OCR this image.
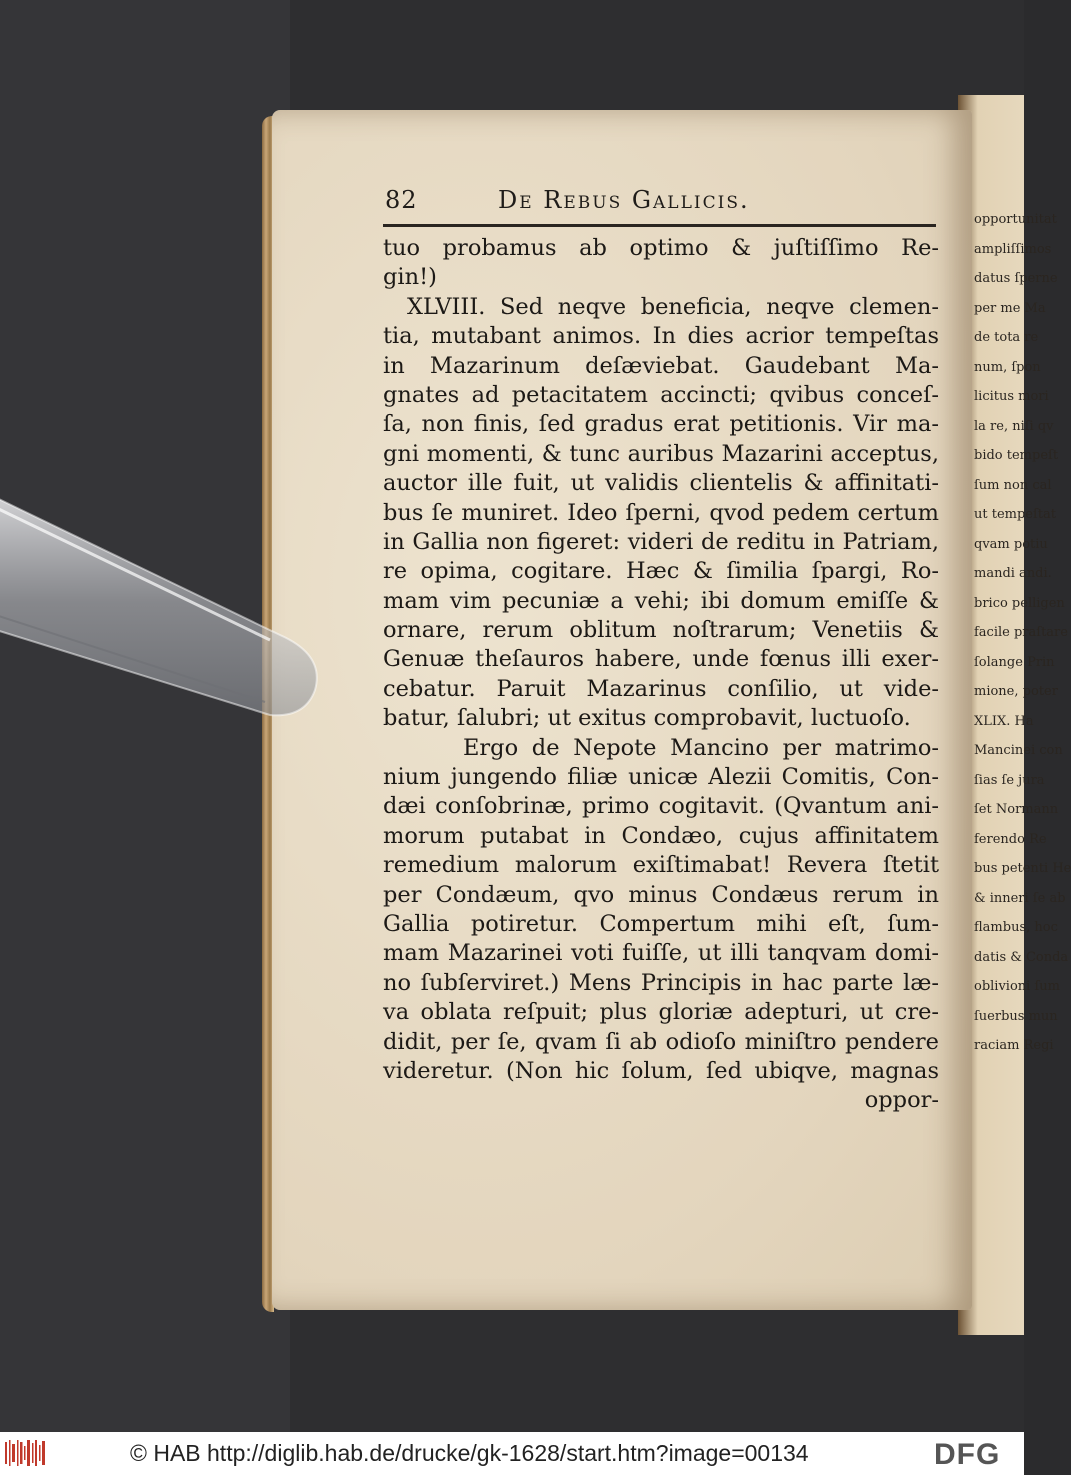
opportunitat
ampliſſimos
datus ſperne
per me Ma
de tota re
num, ſpon
licitus mori
la re, niſi qv
bido tempeſt
ſum non cal
ut tempeſtat
qvam potiu
mandi andi.
brico pelligen
facile praſtare
ſolange Prin
mione, poter
XLIX. Ha
Mancinei con
ſias ſe jura
ſet Normann
ferendo Re
bus petenti He
& inneri ſe ab
flambus, hoc
datis & Conda
oblivioni ſum
ſuerbus mun
raciam Regi
82	De Rebus Gallicis.
tuo probamus ab optimo & juſtiſſimo Re-
gin!)
XLVIII. Sed neqve beneficia, neqve clemen-
tia, mutabant animos. In dies acrior tempeſtas
in Mazarinum deſæviebat. Gaudebant Ma-
gnates ad petacitatem accincti; qvibus conceſ-
ſa, non finis, ſed gradus erat petitionis. Vir ma-
gni momenti, & tunc auribus Mazarini acceptus,
auctor ille fuit, ut validis clientelis & affinitati-
bus ſe muniret. Ideo ſperni, qvod pedem certum
in Gallia non figeret: videri de reditu in Patriam,
re opima, cogitare. Hæc & ſimilia ſpargi, Ro-
mam vim pecuniæ a vehi; ibi domum emiſſe &
ornare, rerum oblitum noſtrarum; Venetiis &
Genuæ theſauros habere, unde fœnus illi exer-
cebatur. Paruit Mazarinus conſilio, ut vide-
batur, ſalubri; ut exitus comprobavit, luctuoſo.
Ergo de Nepote Mancino per matrimo-
nium jungendo filiæ unicæ Alezii Comitis, Con-
dæi conſobrinæ, primo cogitavit. (Qvantum ani-
morum putabat in Condæo, cujus affinitatem
remedium malorum exiſtimabat! Revera ſtetit
per Condæum, qvo minus Condæus rerum in
Gallia potiretur. Compertum mihi eſt, ſum-
mam Mazarinei voti fuiſſe, ut illi tanqvam domi-
no ſubſerviret.) Mens Principis in hac parte læ-
va oblata reſpuit; plus gloriæ adepturi, ut cre-
didit, per ſe, qvam ſi ab odioſo miniſtro pendere
videretur. (Non hic ſolum, ſed ubiqve, magnas
oppor-
© HAB http://diglib.hab.de/drucke/gk-1628/start.htm?image=00134	DFG
